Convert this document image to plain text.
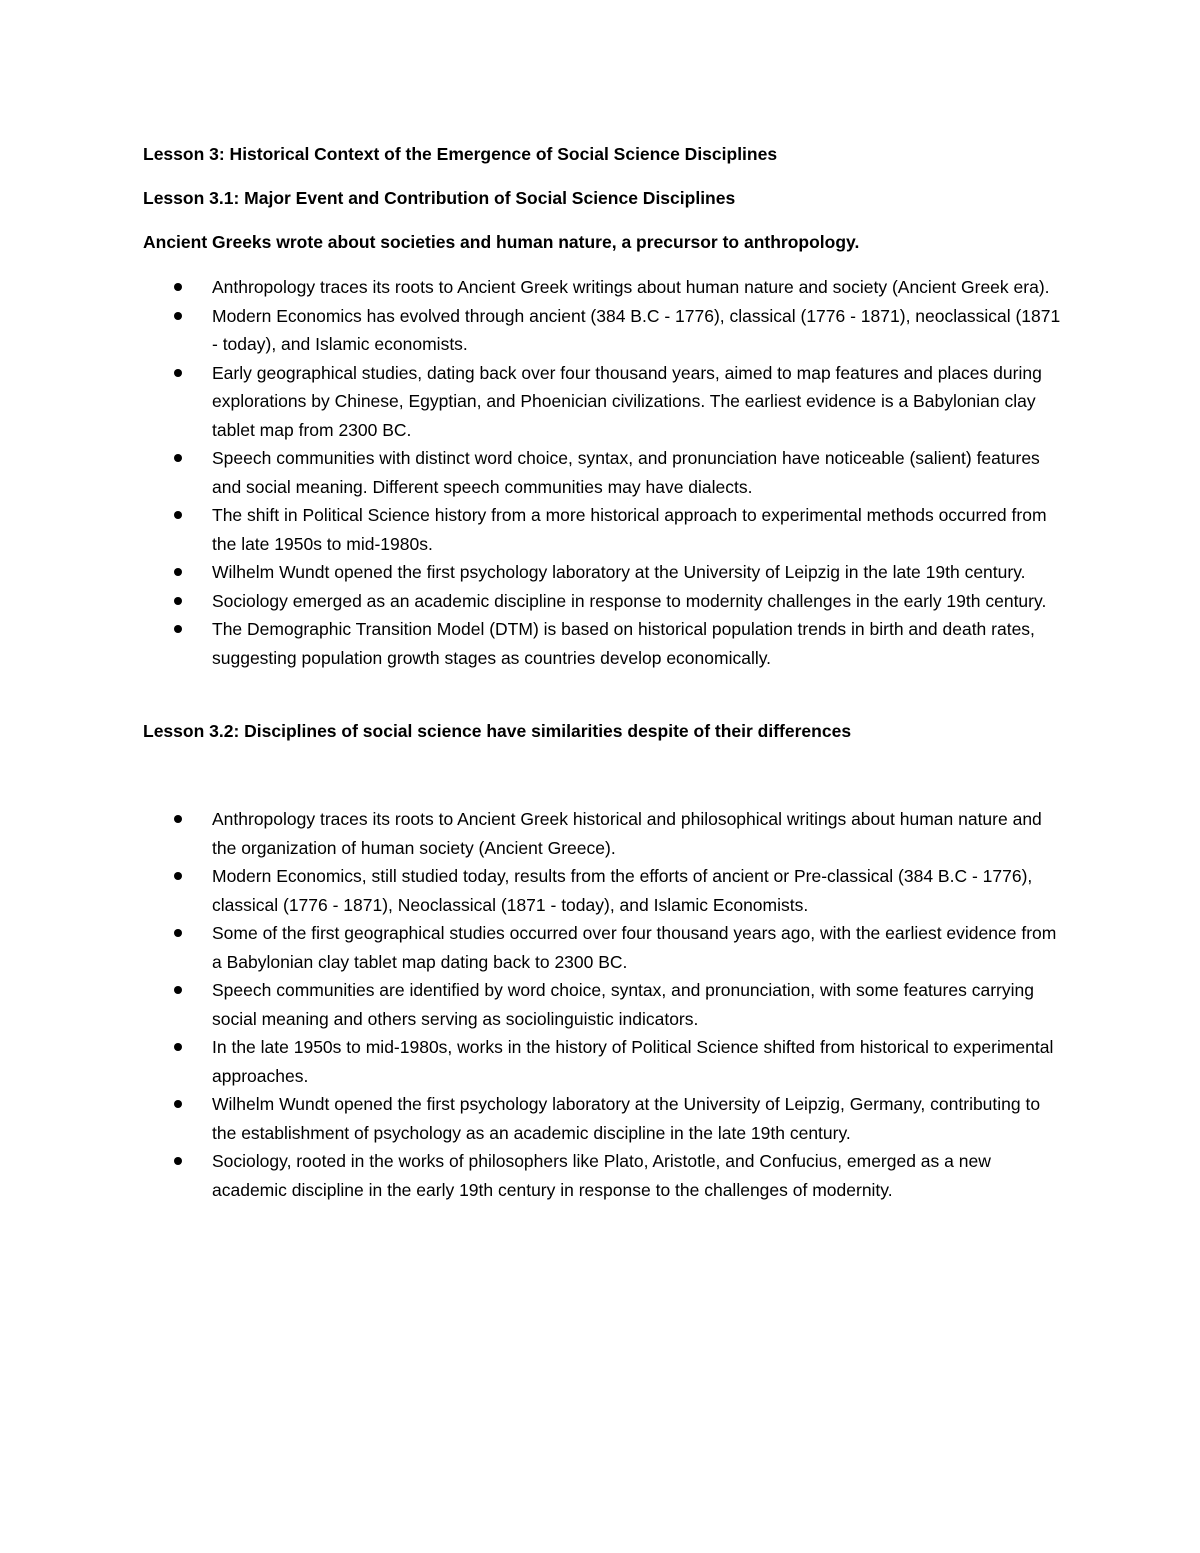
Lesson 3: Historical Context of the Emergence of Social Science Disciplines
Lesson 3.1: Major Event and Contribution of Social Science Disciplines
Ancient Greeks wrote about societies and human nature, a precursor to anthropology.
Anthropology traces its roots to Ancient Greek writings about human nature and society (Ancient Greek era).
Modern Economics has evolved through ancient (384 B.C - 1776), classical (1776 - 1871), neoclassical (1871 - today), and Islamic economists.
Early geographical studies, dating back over four thousand years, aimed to map features and places during explorations by Chinese, Egyptian, and Phoenician civilizations. The earliest evidence is a Babylonian clay tablet map from 2300 BC.
Speech communities with distinct word choice, syntax, and pronunciation have noticeable (salient) features and social meaning. Different speech communities may have dialects.
The shift in Political Science history from a more historical approach to experimental methods occurred from the late 1950s to mid-1980s.
Wilhelm Wundt opened the first psychology laboratory at the University of Leipzig in the late 19th century.
Sociology emerged as an academic discipline in response to modernity challenges in the early 19th century.
The Demographic Transition Model (DTM) is based on historical population trends in birth and death rates, suggesting population growth stages as countries develop economically.
Lesson 3.2: Disciplines of social science have similarities despite of their differences
Anthropology traces its roots to Ancient Greek historical and philosophical writings about human nature and the organization of human society (Ancient Greece).
Modern Economics, still studied today, results from the efforts of ancient or Pre-classical (384 B.C - 1776), classical (1776 - 1871), Neoclassical (1871 - today), and Islamic Economists.
Some of the first geographical studies occurred over four thousand years ago, with the earliest evidence from a Babylonian clay tablet map dating back to 2300 BC.
Speech communities are identified by word choice, syntax, and pronunciation, with some features carrying social meaning and others serving as sociolinguistic indicators.
In the late 1950s to mid-1980s, works in the history of Political Science shifted from historical to experimental approaches.
Wilhelm Wundt opened the first psychology laboratory at the University of Leipzig, Germany, contributing to the establishment of psychology as an academic discipline in the late 19th century.
Sociology, rooted in the works of philosophers like Plato, Aristotle, and Confucius, emerged as a new academic discipline in the early 19th century in response to the challenges of modernity.
